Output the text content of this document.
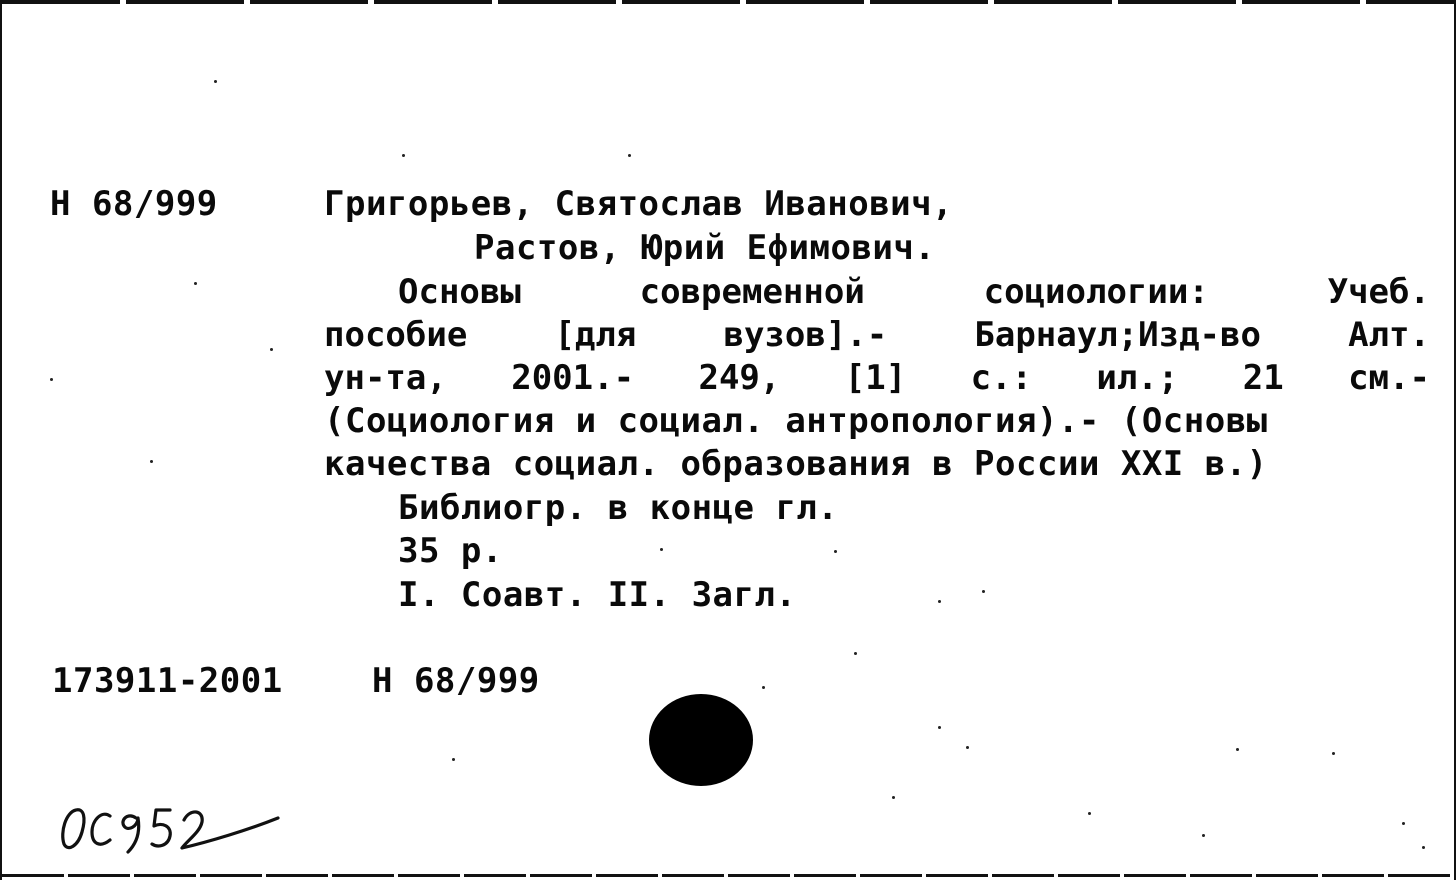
Н 68/999	Григорьев, Святослав Иванович,
Растов, Юрий Ефимович.
Основы	современной	социологии:	Учеб.
пособие	[для	вузов].-	Барнаул;Изд-во	Алт.
ун-та, 2001.- 249, [1] с.: ил.; 21 см.-
(Социология и социал. антропология).- (Основы
качества социал. образования в России XXI в.)
Библиогр. в конце гл.
35 р.
I. Соавт. II. Загл.
173911-2001	Н 68/999
